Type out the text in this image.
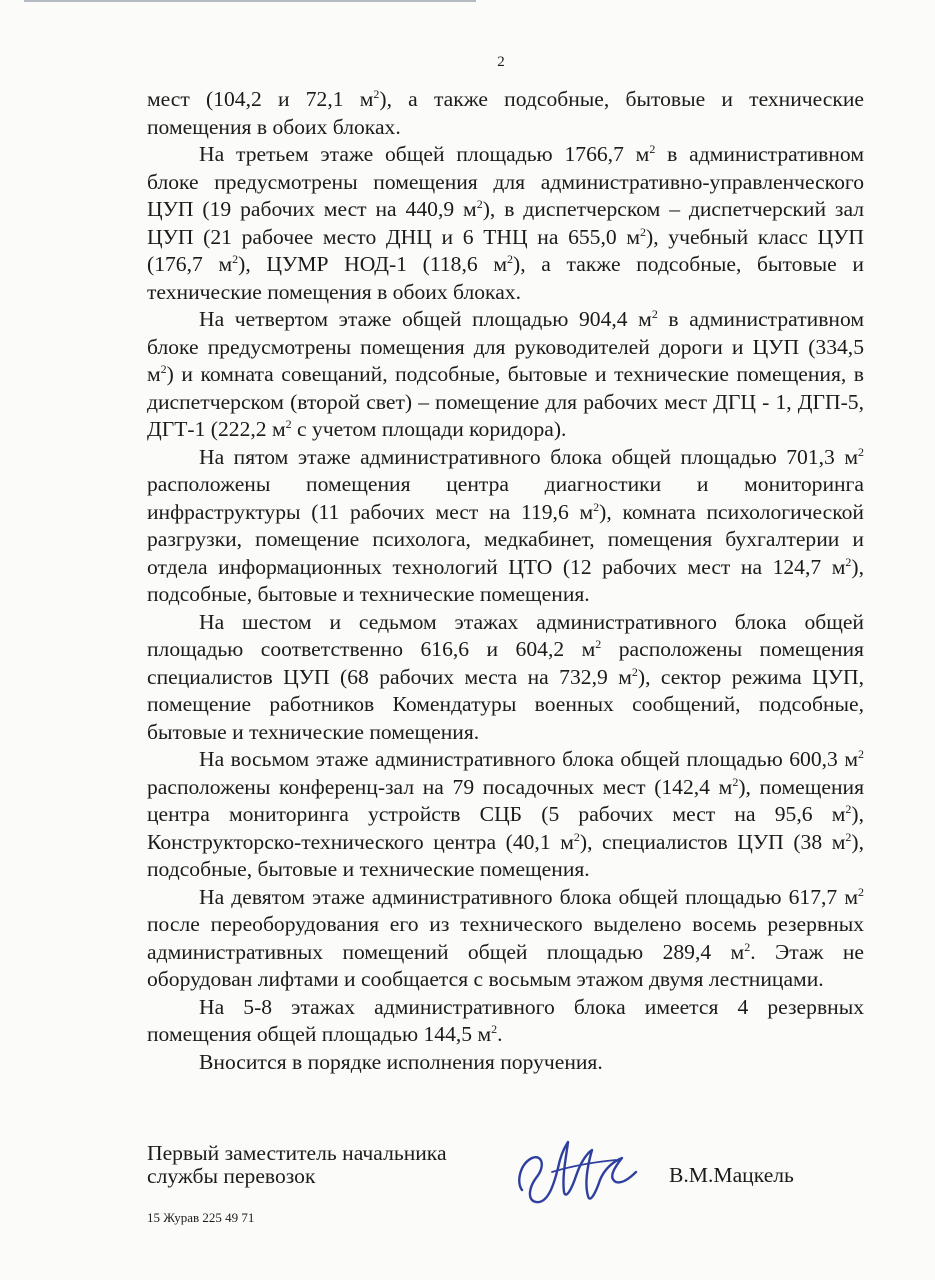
2

мест (104,2 и 72,1 $м^2$), а также подсобные, бытовые и технические помещения в обоих блоках.

На третьем этаже общей площадью 1766,7 $м^2$ в административном блоке предусмотрены помещения для административно-управленческого ЦУП (19 рабочих мест на 440,9 $м^2$), в диспетчерском – диспетчерский зал ЦУП (21 рабочее место ДНЦ и 6 ТНЦ на 655,0 $м^2$), учебный класс ЦУП (176,7 $м^2$), ЦУМР НОД-1 (118,6 $м^2$), а также подсобные, бытовые и технические помещения в обоих блоках.

На четвертом этаже общей площадью 904,4 $м^2$ в административном блоке предусмотрены помещения для руководителей дороги и ЦУП (334,5 $м^2$) и комната совещаний, подсобные, бытовые и технические помещения, в диспетчерском (второй свет) – помещение для рабочих мест ДГЦ - 1, ДГП-5, ДГТ-1 (222,2 $м^2$ с учетом площади коридора).

На пятом этаже административного блока общей площадью 701,3 $м^2$ расположены помещения центра диагностики и мониторинга инфраструктуры (11 рабочих мест на 119,6 $м^2$), комната психологической разгрузки, помещение психолога, медкабинет, помещения бухгалтерии и отдела информационных технологий ЦТО (12 рабочих мест на 124,7 $м^2$), подсобные, бытовые и технические помещения.

На шестом и седьмом этажах административного блока общей площадью соответственно 616,6 и 604,2 $м^2$ расположены помещения специалистов ЦУП (68 рабочих места на 732,9 $м^2$), сектор режима ЦУП, помещение работников Комендатуры военных сообщений, подсобные, бытовые и технические помещения.

На восьмом этаже административного блока общей площадью 600,3 $м^2$ расположены конференц-зал на 79 посадочных мест (142,4 $м^2$), помещения центра мониторинга устройств СЦБ (5 рабочих мест на 95,6 $м^2$), Конструкторско-технического центра (40,1 $м^2$), специалистов ЦУП (38 $м^2$), подсобные, бытовые и технические помещения.

На девятом этаже административного блока общей площадью 617,7 $м^2$ после переоборудования его из технического выделено восемь резервных административных помещений общей площадью 289,4 $м^2$. Этаж не оборудован лифтами и сообщается с восьмым этажом двумя лестницами.

На 5-8 этажах административного блока имеется 4 резервных помещения общей площадью 144,5 $м^2$.

Вносится в порядке исполнения поручения.

Первый заместитель начальника
службы перевозок	В.М.Мацкель
15 Журав 225 49 71
